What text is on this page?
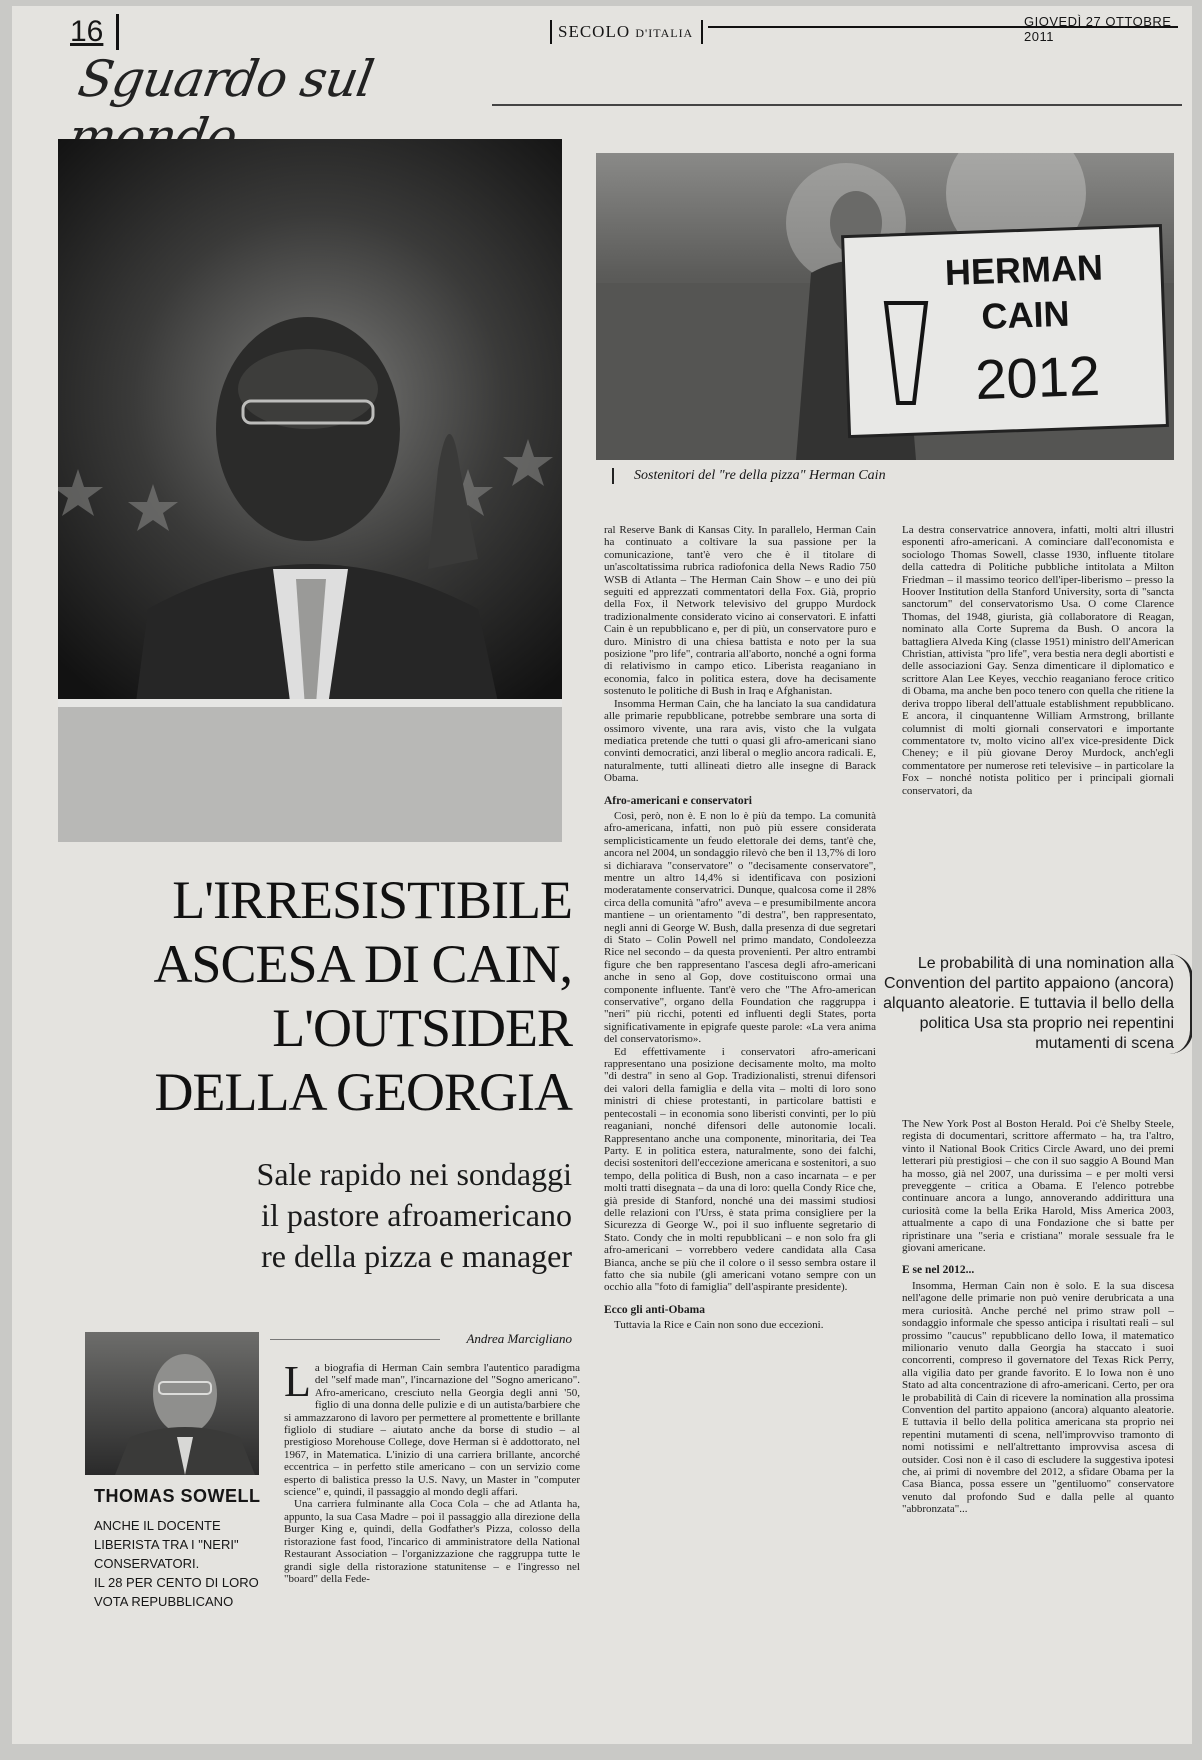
16	SECOLO D'ITALIA
GIOVEDÌ 27 OTTOBRE 2011
Sguardo sul mondo
HERMAN
CAIN
2012
Sostenitori del "re della pizza" Herman Cain
L'IRRESISTIBILE
ASCESA DI CAIN,
L'OUTSIDER
DELLA GEORGIA
Sale rapido nei sondaggi
il pastore afroamericano
re della pizza e manager
Andrea Marcigliano
THOMAS SOWELL

ANCHE IL DOCENTE

LIBERISTA TRA I "NERI"

CONSERVATORI.

IL 28 PER CENTO DI LORO

VOTA REPUBBLICANO

L a biografia di Herman Cain sembra l'autentico paradigma del "self made man", l'incarnazione del "Sogno americano". Afro-americano, cresciuto nella Georgia degli anni '50, figlio di una donna delle pulizie e di un autista/barbiere che si ammazzarono di lavoro per permettere al promettente e brillante figliolo di studiare – aiutato anche da borse di studio – al prestigioso Morehouse College, dove Herman si è addottorato, nel 1967, in Matematica. L'inizio di una carriera brillante, ancorché eccentrica – in perfetto stile americano – con un servizio come esperto di balistica presso la U.S. Navy, un Master in "computer science" e, quindi, il passaggio al mondo degli affari.

Una carriera fulminante alla Coca Cola – che ad Atlanta ha, appunto, la sua Casa Madre – poi il passaggio alla direzione della Burger King e, quindi, della Godfather's Pizza, colosso della ristorazione fast food, l'incarico di amministratore della National Restaurant Association – l'organizzazione che raggruppa tutte le grandi sigle della ristorazione statunitense – e l'ingresso nel "board" della Fede-

ral Reserve Bank di Kansas City. In parallelo, Herman Cain ha continuato a coltivare la sua passione per la comunicazione, tant'è vero che è il titolare di un'ascoltatissima rubrica radiofonica della News Radio 750 WSB di Atlanta – The Herman Cain Show – e uno dei più seguiti ed apprezzati commentatori della Fox. Già, proprio della Fox, il Network televisivo del gruppo Murdock tradizionalmente considerato vicino ai conservatori. E infatti Cain è un repubblicano e, per di più, un conservatore puro e duro. Ministro di una chiesa battista e noto per la sua posizione "pro life", contraria all'aborto, nonché a ogni forma di relativismo in campo etico. Liberista reaganiano in economia, falco in politica estera, dove ha decisamente sostenuto le politiche di Bush in Iraq e Afghanistan.

Insomma Herman Cain, che ha lanciato la sua candidatura alle primarie repubblicane, potrebbe sembrare una sorta di ossimoro vivente, una rara avis, visto che la vulgata mediatica pretende che tutti o quasi gli afro-americani siano convinti democratici, anzi liberal o meglio ancora radicali. E, naturalmente, tutti allineati dietro alle insegne di Barack Obama.

Afro-americani e conservatori

Così, però, non è. E non lo è più da tempo. La comunità afro-americana, infatti, non può più essere considerata semplicisticamente un feudo elettorale dei dems, tant'è che, ancora nel 2004, un sondaggio rilevò che ben il 13,7% di loro si dichiarava "conservatore" o "decisamente conservatore", mentre un altro 14,4% si identificava con posizioni moderatamente conservatrici. Dunque, qualcosa come il 28% circa della comunità "afro" aveva – e presumibilmente ancora mantiene – un orientamento "di destra", ben rappresentato, negli anni di George W. Bush, dalla presenza di due segretari di Stato – Colin Powell nel primo mandato, Condoleezza Rice nel secondo – da questa provenienti. Per altro entrambi figure che ben rappresentano l'ascesa degli afro-americani anche in seno al Gop, dove costituiscono ormai una componente influente. Tant'è vero che "The Afro-american conservative", organo della Foundation che raggruppa i "neri" più ricchi, potenti ed influenti degli States, porta significativamente in epigrafe queste parole: «La vera anima del conservatorismo».

Ed effettivamente i conservatori afro-americani rappresentano una posizione decisamente molto, ma molto "di destra" in seno al Gop. Tradizionalisti, strenui difensori dei valori della famiglia e della vita – molti di loro sono ministri di chiese protestanti, in particolare battisti e pentecostali – in economia sono liberisti convinti, per lo più reaganiani, nonché difensori delle autonomie locali. Rappresentano anche una componente, minoritaria, dei Tea Party. E in politica estera, naturalmente, sono dei falchi, decisi sostenitori dell'eccezione americana e sostenitori, a suo tempo, della politica di Bush, non a caso incarnata – e per molti tratti disegnata – da una di loro: quella Condy Rice che, già preside di Stanford, nonché una dei massimi studiosi delle relazioni con l'Urss, è stata prima consigliere per la Sicurezza di George W., poi il suo influente segretario di Stato. Condy che in molti repubblicani – e non solo fra gli afro-americani – vorrebbero vedere candidata alla Casa Bianca, anche se più che il colore o il sesso sembra ostare il fatto che sia nubile (gli americani votano sempre con un occhio alla "foto di famiglia" dell'aspirante presidente).

Ecco gli anti-Obama

Tuttavia la Rice e Cain non sono due eccezioni.

La destra conservatrice annovera, infatti, molti altri illustri esponenti afro-americani. A cominciare dall'economista e sociologo Thomas Sowell, classe 1930, influente titolare della cattedra di Politiche pubbliche intitolata a Milton Friedman – il massimo teorico dell'iper-liberismo – presso la Hoover Institution della Stanford University, sorta di "sancta sanctorum" del conservatorismo Usa. O come Clarence Thomas, del 1948, giurista, già collaboratore di Reagan, nominato alla Corte Suprema da Bush. O ancora la battagliera Alveda King (classe 1951) ministro dell'American Christian, attivista "pro life", vera bestia nera degli abortisti e delle associazioni Gay. Senza dimenticare il diplomatico e scrittore Alan Lee Keyes, vecchio reaganiano feroce critico di Obama, ma anche ben poco tenero con quella che ritiene la deriva troppo liberal dell'attuale establishment repubblicano. E ancora, il cinquantenne William Armstrong, brillante columnist di molti giornali conservatori e importante commentatore tv, molto vicino all'ex vice-presidente Dick Cheney; e il più giovane Deroy Murdock, anch'egli commentatore per numerose reti televisive – in particolare la Fox – nonché notista politico per i principali giornali conservatori, da

Le probabilità di una nomination alla Convention del partito appaiono (ancora) alquanto aleatorie. E tuttavia il bello della politica Usa sta proprio nei repentini mutamenti di scena

The New York Post al Boston Herald. Poi c'è Shelby Steele, regista di documentari, scrittore affermato – ha, tra l'altro, vinto il National Book Critics Circle Award, uno dei premi letterari più prestigiosi – che con il suo saggio A Bound Man ha mosso, già nel 2007, una durissima – e per molti versi preveggente – critica a Obama. E l'elenco potrebbe continuare ancora a lungo, annoverando addirittura una curiosità come la bella Erika Harold, Miss America 2003, attualmente a capo di una Fondazione che si batte per ripristinare una "seria e cristiana" morale sessuale fra le giovani americane.

E se nel 2012...

Insomma, Herman Cain non è solo. E la sua discesa nell'agone delle primarie non può venire derubricata a una mera curiosità. Anche perché nel primo straw poll – sondaggio informale che spesso anticipa i risultati reali – sul prossimo "caucus" repubblicano dello Iowa, il matematico milionario venuto dalla Georgia ha staccato i suoi concorrenti, compreso il governatore del Texas Rick Perry, alla vigilia dato per grande favorito. E lo Iowa non è uno Stato ad alta concentrazione di afro-americani. Certo, per ora le probabilità di Cain di ricevere la nomination alla prossima Convention del partito appaiono (ancora) alquanto aleatorie. E tuttavia il bello della politica americana sta proprio nei repentini mutamenti di scena, nell'improvviso tramonto di nomi notissimi e nell'altrettanto improvvisa ascesa di outsider. Così non è il caso di escludere la suggestiva ipotesi che, ai primi di novembre del 2012, a sfidare Obama per la Casa Bianca, possa essere un "gentiluomo" conservatore venuto dal profondo Sud e dalla pelle al quanto "abbronzata"...
